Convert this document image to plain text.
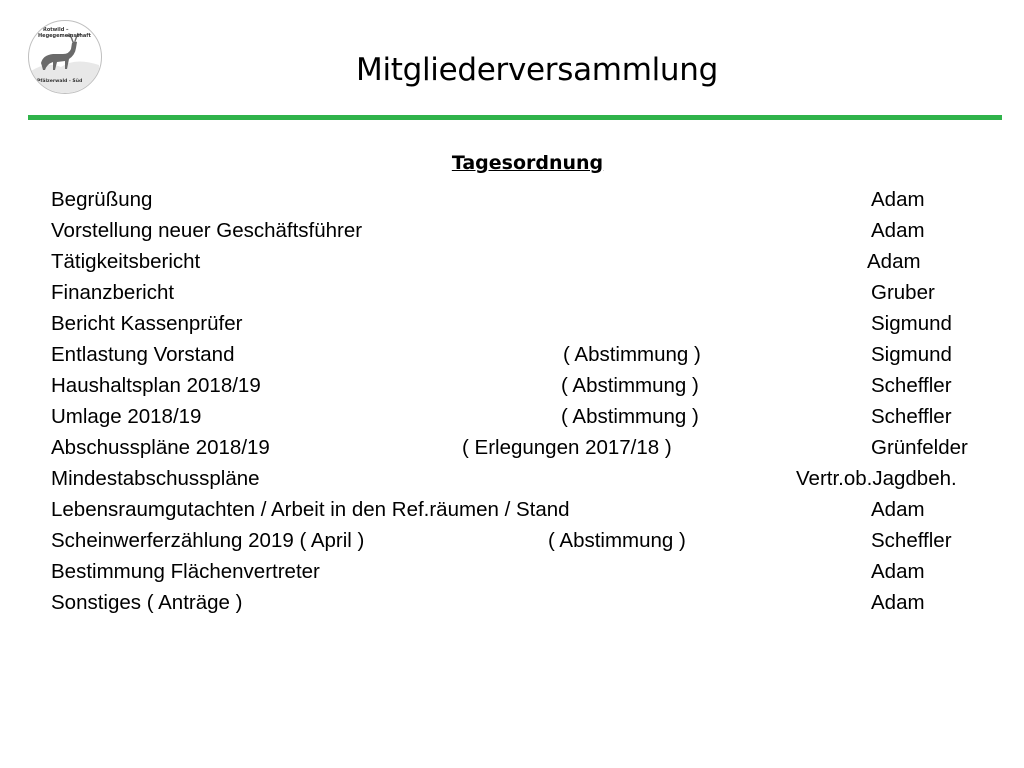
Rotwild –
Hegegemeinschaft
Pfälzerwald - Süd	Mitgliederversammlung
Tagesordnung
Begrüßung	Adam
Vorstellung neuer Geschäftsführer	Adam
Tätigkeitsbericht	Adam
Finanzbericht	Gruber
Bericht Kassenprüfer	Sigmund
Entlastung Vorstand	( Abstimmung )	Sigmund
Haushaltsplan 2018/19	( Abstimmung )	Scheffler
Umlage 2018/19	( Abstimmung )	Scheffler
Abschusspläne 2018/19	( Erlegungen 2017/18 )	Grünfelder
Mindestabschusspläne	Vertr.ob.Jagdbeh.
Lebensraumgutachten / Arbeit in den Ref.räumen / Stand	Adam
Scheinwerferzählung 2019 ( April )	( Abstimmung )	Scheffler
Bestimmung Flächenvertreter	Adam
Sonstiges ( Anträge )	Adam
